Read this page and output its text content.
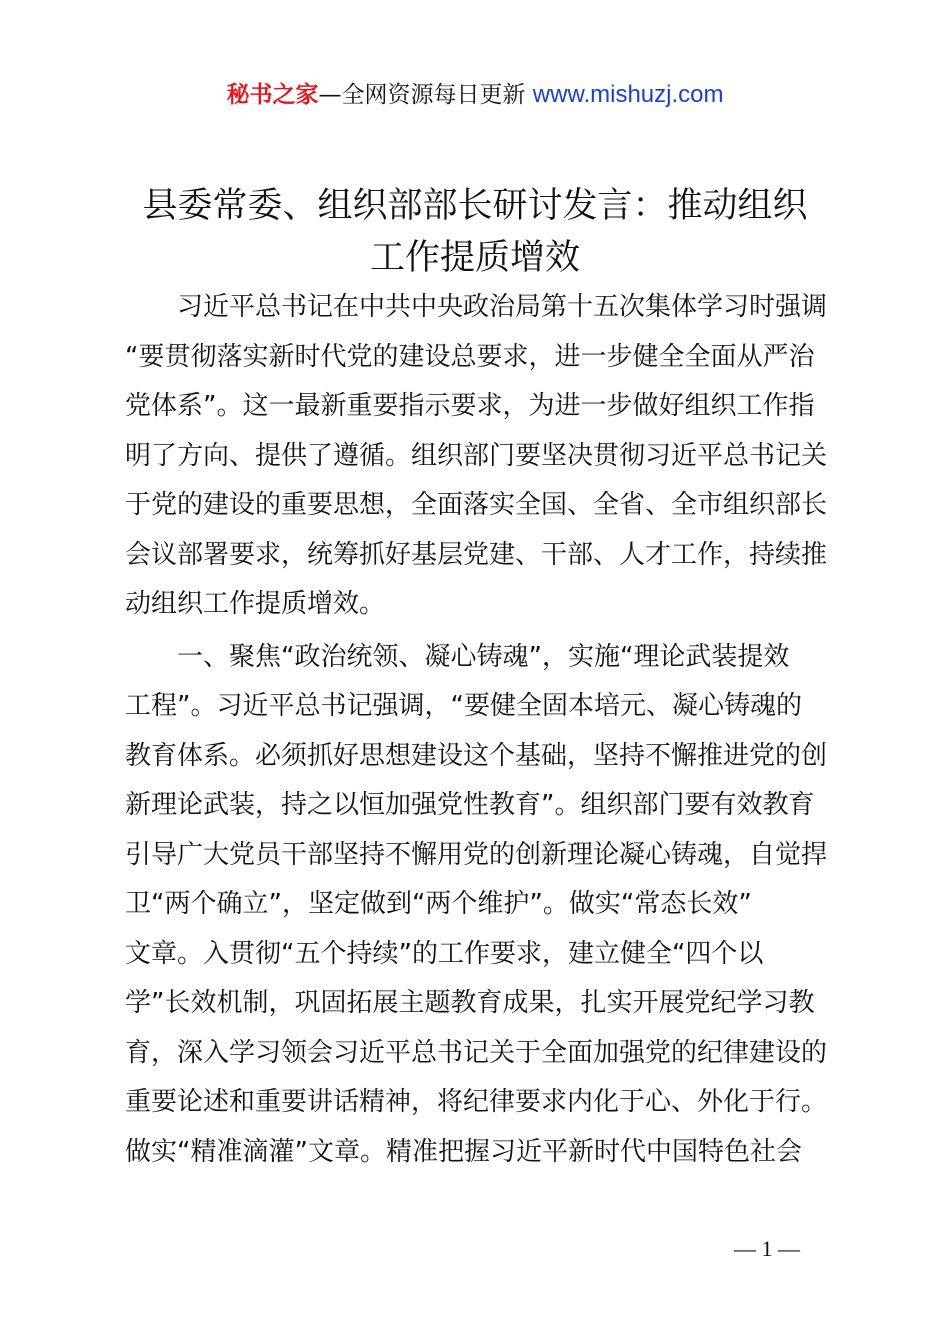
秘书之家—全网资源每日更新 www.mishuzj.com
县委常委、组织部部长研讨发言：推动组织
工作提质增效
　　习近平总书记在中共中央政治局第十五次集体学习时强调
“要贯彻落实新时代党的建设总要求，进一步健全全面从严治
党体系”。这一最新重要指示要求，为进一步做好组织工作指
明了方向、提供了遵循。组织部门要坚决贯彻习近平总书记关
于党的建设的重要思想，全面落实全国、全省、全市组织部长
会议部署要求，统筹抓好基层党建、干部、人才工作，持续推
动组织工作提质增效。
　　一、聚焦“政治统领、凝心铸魂”，实施“理论武装提效
工程”。习近平总书记强调，“要健全固本培元、凝心铸魂的
教育体系。必须抓好思想建设这个基础，坚持不懈推进党的创
新理论武装，持之以恒加强党性教育”。组织部门要有效教育
引导广大党员干部坚持不懈用党的创新理论凝心铸魂，自觉捍
卫“两个确立”，坚定做到“两个维护”。做实“常态长效”
文章。入贯彻“五个持续”的工作要求，建立健全“四个以
学”长效机制，巩固拓展主题教育成果，扎实开展党纪学习教
育，深入学习领会习近平总书记关于全面加强党的纪律建设的
重要论述和重要讲话精神，将纪律要求内化于心、外化于行。
做实“精准滴灌”文章。精准把握习近平新时代中国特色社会
— 1 —
